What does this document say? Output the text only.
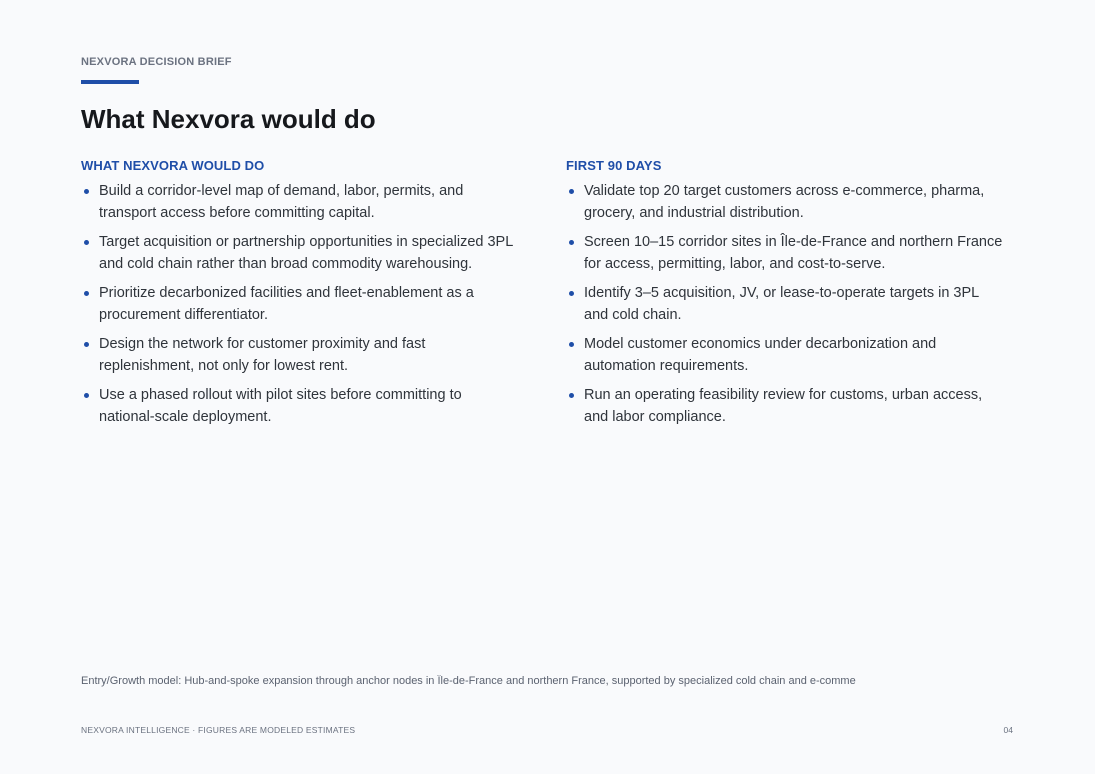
NEXVORA DECISION BRIEF
What Nexvora would do
WHAT NEXVORA WOULD DO
Build a corridor-level map of demand, labor, permits, and transport access before committing capital.
Target acquisition or partnership opportunities in specialized 3PL and cold chain rather than broad commodity warehousing.
Prioritize decarbonized facilities and fleet-enablement as a procurement differentiator.
Design the network for customer proximity and fast replenishment, not only for lowest rent.
Use a phased rollout with pilot sites before committing to national-scale deployment.
FIRST 90 DAYS
Validate top 20 target customers across e-commerce, pharma, grocery, and industrial distribution.
Screen 10–15 corridor sites in Île-de-France and northern France for access, permitting, labor, and cost-to-serve.
Identify 3–5 acquisition, JV, or lease-to-operate targets in 3PL and cold chain.
Model customer economics under decarbonization and automation requirements.
Run an operating feasibility review for customs, urban access, and labor compliance.
Entry/Growth model: Hub-and-spoke expansion through anchor nodes in Île-de-France and northern France, supported by specialized cold chain and e-comme
NEXVORA INTELLIGENCE · FIGURES ARE MODELED ESTIMATES	04
